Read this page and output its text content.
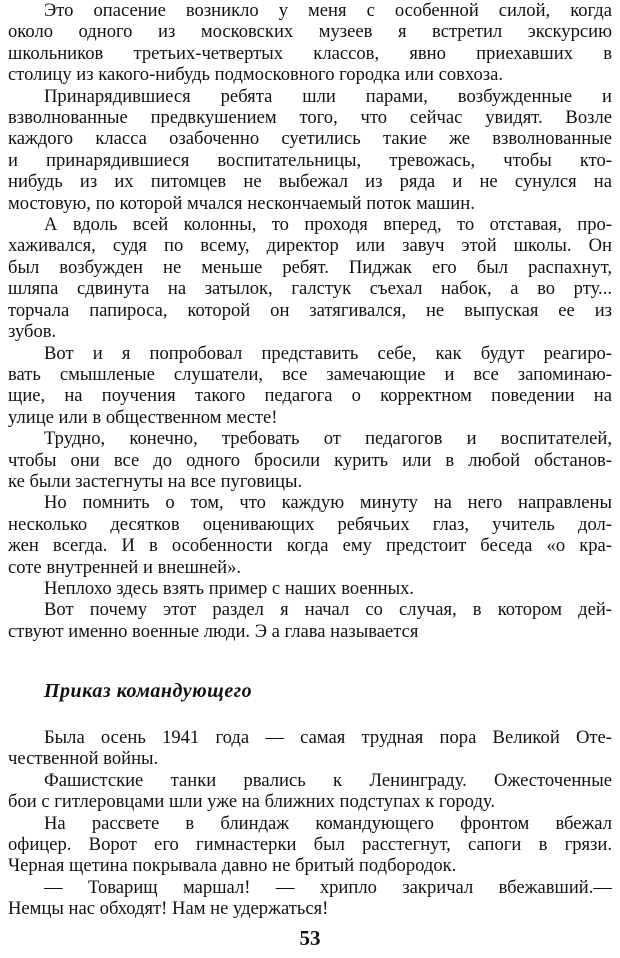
Это опасение возникло у меня с особенной силой, когда
около одного из московских музеев я встретил экскурсию
школьников третьих-четвертых классов, явно приехавших в
столицу из какого-нибудь подмосковного городка или совхоза.
Принарядившиеся ребята шли парами, возбужденные и
взволнованные предвкушением того, что сейчас увидят. Возле
каждого класса озабоченно суетились такие же взволнованные
и принарядившиеся воспитательницы, тревожась, чтобы кто-
нибудь из их питомцев не выбежал из ряда и не сунулся на
мостовую, по которой мчался нескончаемый поток машин.
А вдоль всей колонны, то проходя вперед, то отставая, про-
хаживался, судя по всему, директор или завуч этой школы. Он
был возбужден не меньше ребят. Пиджак его был распахнут,
шляпа сдвинута на затылок, галстук съехал набок, а во рту...
торчала папироса, которой он затягивался, не выпуская ее из
зубов.
Вот и я попробовал представить себе, как будут реагиро-
вать смышленые слушатели, все замечающие и все запоминаю-
щие, на поучения такого педагога о корректном поведении на
улице или в общественном месте!
Трудно, конечно, требовать от педагогов и воспитателей,
чтобы они все до одного бросили курить или в любой обстанов-
ке были застегнуты на все пуговицы.
Но помнить о том, что каждую минуту на него направлены
несколько десятков оценивающих ребячьих глаз, учитель дол-
жен всегда. И в особенности когда ему предстоит беседа «о кра-
соте внутренней и внешней».
Неплохо здесь взять пример с наших военных.
Вот почему этот раздел я начал со случая, в котором дей-
ствуют именно военные люди. Э а глава называется
Приказ командующего
Была осень 1941 года — самая трудная пора Великой Оте-
чественной войны.
Фашистские танки рвались к Ленинграду. Ожесточенные
бои с гитлеровцами шли уже на ближних подступах к городу.
На рассвете в блиндаж командующего фронтом вбежал
офицер. Ворот его гимнастерки был расстегнут, сапоги в грязи.
Черная щетина покрывала давно не бритый подбородок.
— Товарищ маршал! — хрипло закричал вбежавший.—
Немцы нас обходят! Нам не удержаться!
53
